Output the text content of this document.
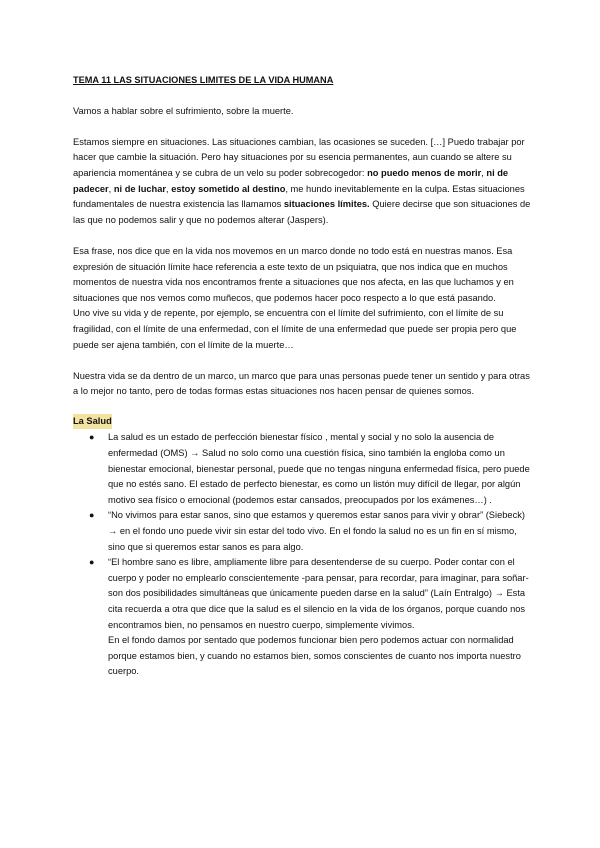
TEMA 11 LAS SITUACIONES LIMITES DE LA VIDA HUMANA

Vamos a hablar sobre el sufrimiento, sobre la muerte.

Estamos siempre en situaciones. Las situaciones cambian, las ocasiones se suceden. […] Puedo trabajar por hacer que cambie la situación. Pero hay situaciones por su esencia permanentes, aun cuando se altere su apariencia momentánea y se cubra de un velo su poder sobrecogedor: no puedo menos de morir, ni de padecer, ni de luchar, estoy sometido al destino, me hundo inevitablemente en la culpa. Estas situaciones fundamentales de nuestra existencia las llamamos situaciones límites. Quiere decirse que son situaciones de las que no podemos salir y que no podemos alterar (Jaspers).

Esa frase, nos dice que en la vida nos movemos en un marco donde no todo está en nuestras manos. Esa expresión de situación límite hace referencia a este texto de un psiquiatra, que nos indica que en muchos momentos de nuestra vida nos encontramos frente a situaciones que nos afecta, en las que luchamos y en situaciones que nos vemos como muñecos, que podemos hacer poco respecto a lo que está pasando.

Uno vive su vida y de repente, por ejemplo, se encuentra con el límite del sufrimiento, con el límite de su fragilidad, con el límite de una enfermedad, con el límite de una enfermedad que puede ser propia pero que puede ser ajena también, con el límite de la muerte…

Nuestra vida se da dentro de un marco, un marco que para unas personas puede tener un sentido y para otras a lo mejor no tanto, pero de todas formas estas situaciones nos hacen pensar de quienes somos.

La Salud
● La salud es un estado de perfección bienestar físico , mental y social y no solo la ausencia de enfermedad (OMS) → Salud no solo como una cuestión física, sino también la engloba como un bienestar emocional, bienestar personal, puede que no tengas ninguna enfermedad física, pero puede que no estés sano. El estado de perfecto bienestar, es como un listón muy difícil de llegar, por algún motivo sea físico o emocional (podemos estar cansados, preocupados por los exámenes…) .
● “No vivimos para estar sanos, sino que estamos y queremos estar sanos para vivir y obrar” (Siebeck) → en el fondo uno puede vivir sin estar del todo vivo. En el fondo la salud no es un fin en sí mismo, sino que si queremos estar sanos es para algo.
● “El hombre sano es libre, ampliamente libre para desentenderse de su cuerpo. Poder contar con el cuerpo y poder no emplearlo conscientemente -para pensar, para recordar, para imaginar, para soñar- son dos posibilidades simultáneas que únicamente pueden darse en la salud” (Laín Entralgo) → Esta cita recuerda a otra que dice que la salud es el silencio en la vida de los órganos, porque cuando nos encontramos bien, no pensamos en nuestro cuerpo, simplemente vivimos.
En el fondo damos por sentado que podemos funcionar bien pero podemos actuar con normalidad porque estamos bien, y cuando no estamos bien, somos conscientes de cuanto nos importa nuestro cuerpo.
